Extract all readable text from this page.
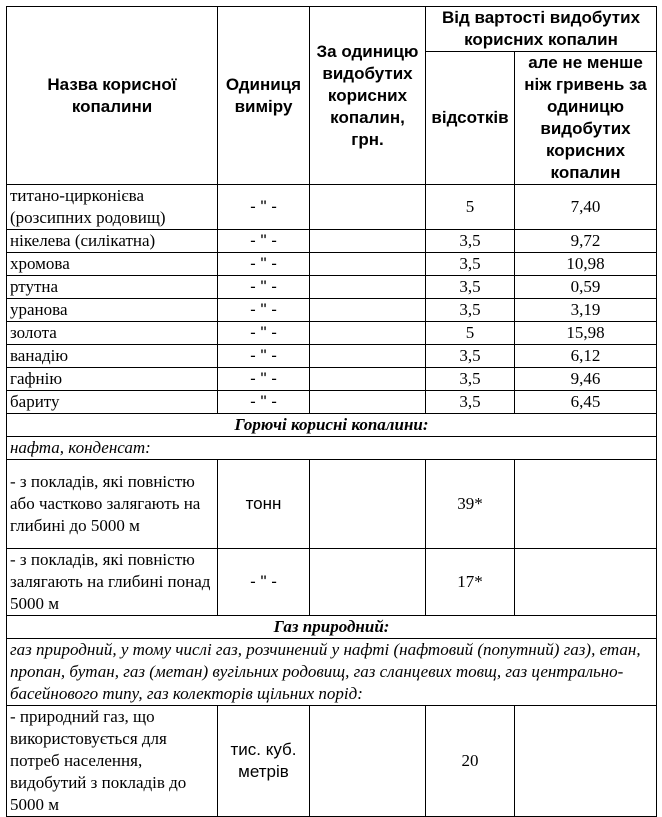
Назва корисної копалини	Одиниця виміру	За одиницю видобутих корисних копалин, грн.	Від вартості видобутих корисних копалин	
			відсотків	але не менше ніж гривень за одиницю видобутих корисних копалин
титано-цирконієва (розсипних родовищ)	- " -		5	7,40
нікелева (силікатна)	- " -		3,5	9,72
хромова	- " -		3,5	10,98
ртутна	- " -		3,5	0,59
уранова	- " -		3,5	3,19
золота	- " -		5	15,98
ванадію	- " -		3,5	6,12
гафнію	- " -		3,5	9,46
бариту	- " -		3,5	6,45
Горючі корисні копалини:				
нафта, конденсат:				
- з покладів, які повністю або частково залягають на глибині до 5000 м	тонн		39*	
- з покладів, які повністю залягають на глибині понад 5000 м	- " -		17*	
Газ природний:				
газ природний, у тому числі газ, розчинений у нафті (нафтовий (попутний) газ), етан, пропан, бутан, газ (метан) вугільних родовищ, газ сланцевих товщ, газ центрально-басейнового типу, газ колекторів щільних порід:				
- природний газ, що використовується для потреб населення, видобутий з покладів до 5000 м	тис. куб. метрів		20	
